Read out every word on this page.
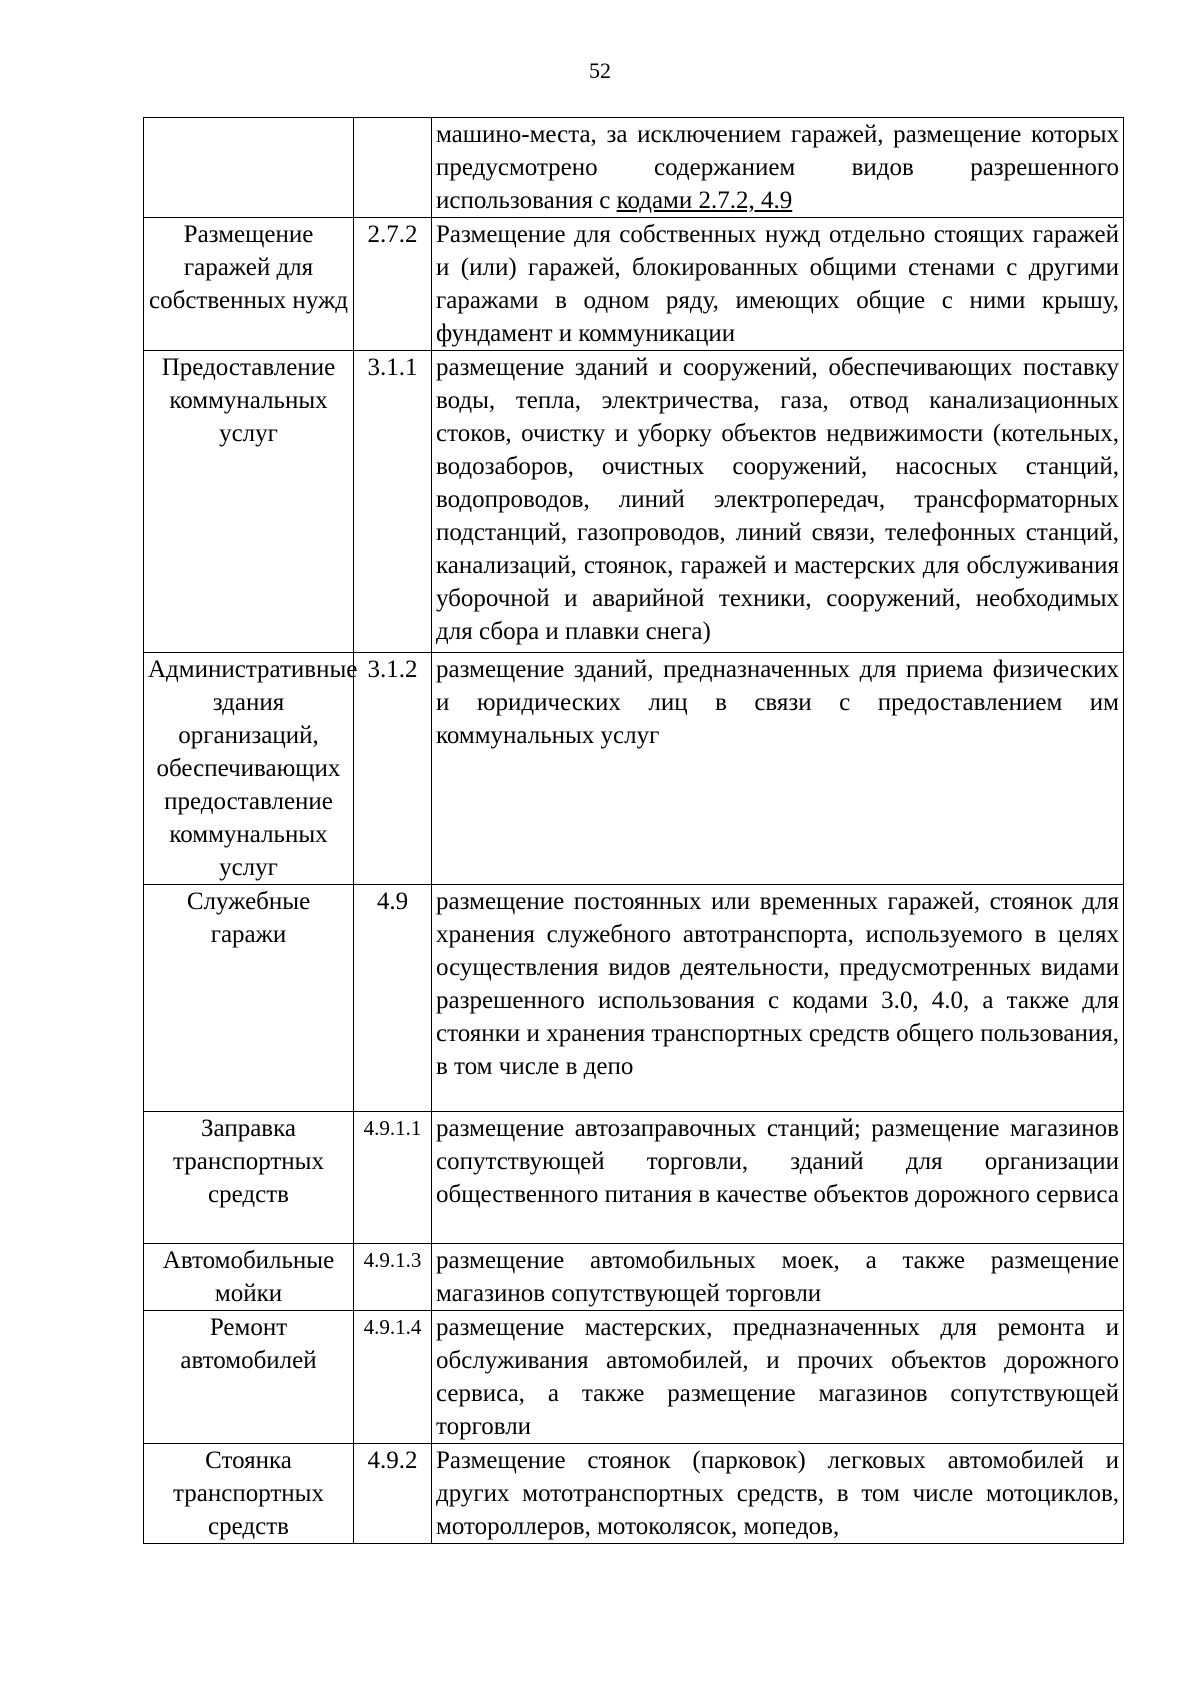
52
		машино-места, за исключением гаражей, размещение которых предусмотрено содержанием видов разрешенного использования с кодами 2.7.2, 4.9
Размещение гаражей для собственных нужд	2.7.2	Размещение для собственных нужд отдельно стоящих гаражей и (или) гаражей, блокированных общими стенами с другими гаражами в одном ряду, имеющих общие с ними крышу, фундамент и коммуникации
Предоставление коммунальных услуг	3.1.1	размещение зданий и сооружений, обеспечивающих поставку воды, тепла, электричества, газа, отвод канализационных стоков, очистку и уборку объектов недвижимости (котельных, водозаборов, очистных сооружений, насосных станций, водопроводов, линий электропередач, трансформаторных подстанций, газопроводов, линий связи, телефонных станций, канализаций, стоянок, гаражей и мастерских для обслуживания уборочной и аварийной техники, сооружений, необходимых для сбора и плавки снега)
Административные здания организаций, обеспечивающих предоставление коммунальных услуг	3.1.2	размещение зданий, предназначенных для приема физических и юридических лиц в связи с предоставлением им коммунальных услуг
Служебные гаражи	4.9	размещение постоянных или временных гаражей, стоянок для хранения служебного автотранспорта, используемого в целях осуществления видов деятельности, предусмотренных видами разрешенного использования с кодами 3.0, 4.0, а также для стоянки и хранения транспортных средств общего пользования, в том числе в депо
Заправка транспортных средств	4.9.1.1	размещение автозаправочных станций; размещение магазинов сопутствующей торговли, зданий для организации общественного питания в качестве объектов дорожного сервиса
Автомобильные мойки	4.9.1.3	размещение автомобильных моек, а также размещение магазинов сопутствующей торговли
Ремонт автомобилей	4.9.1.4	размещение мастерских, предназначенных для ремонта и обслуживания автомобилей, и прочих объектов дорожного сервиса, а также размещение магазинов сопутствующей торговли
Стоянка транспортных средств	4.9.2	Размещение стоянок (парковок) легковых автомобилей и других мототранспортных средств, в том числе мотоциклов, мотороллеров, мотоколясок, мопедов,
